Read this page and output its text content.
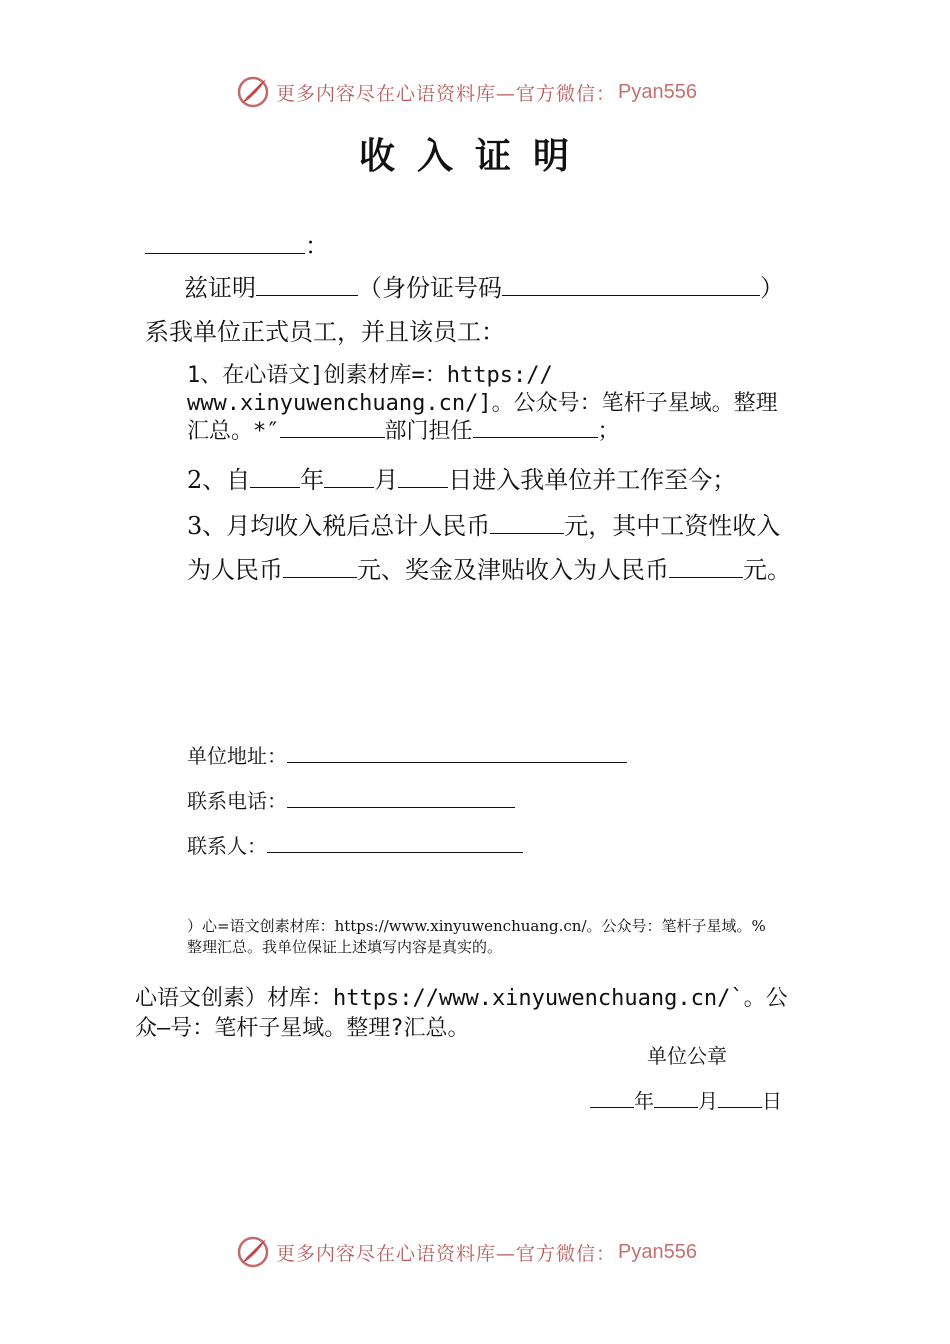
更多内容尽在心语资料库—官方微信： Pyan556
收入证明
：
兹证明	（身份证号码	）
系我单位正式员工，并且该员工：
1、在心语文]创素材库=：https://
www.xinyuwenchuang.cn/]。公众号：笔杆子星域。整理
汇总。*″	部门担任	；
2、自 年 月 日进入我单位并工作至今；
3、月均收入税后总计人民币	元，其中工资性收入
为人民币	元、奖金及津贴收入为人民币	元。
单位地址：
联系电话：
联系人：
）心=语文创素材库：https://www.xinyuwenchuang.cn/。公众号：笔杆子星域。%
整理汇总。我单位保证上述填写内容是真实的。
心语文创素）材库：https://www.xinyuwenchuang.cn/`。公
众—号：笔杆子星域。整理?汇总。
单位公章
年 月 日
更多内容尽在心语资料库—官方微信： Pyan556
